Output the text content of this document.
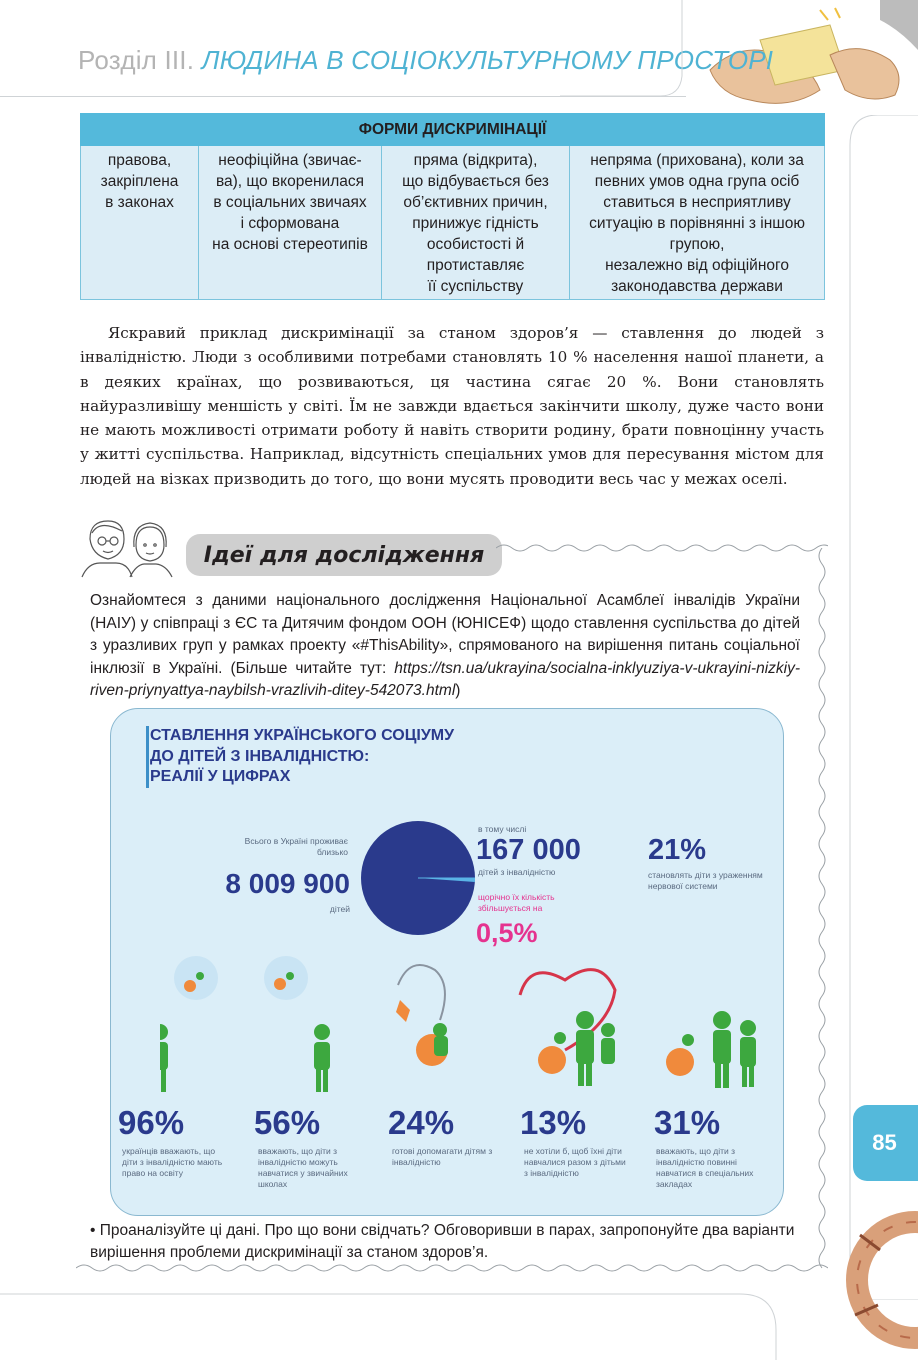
Розділ ІІІ. ЛЮДИНА В СОЦІОКУЛЬТУРНОМУ ПРОСТОРІ
85
ФОРМИ ДИСКРИМІНАЦІЇ
правова,
закріплена
в законах	неофіційна (звичає-
ва), що вкоренилася
в соціальних звичаях
і сформована
на основі стереотипів	пряма (відкрита),
що відбувається без
об’єктивних причин,
принижує гідність
особистості й
протиставляє
її суспільству	непряма (прихована), коли за
певних умов одна група осіб
ставиться в несприятливу
ситуацію в порівнянні з іншою
групою,
незалежно від офіційного
законодавства держави

Яскравий приклад дискримінації за станом здоров’я — ставлення до людей з інвалідністю. Люди з особливими потребами становлять 10 % населення нашої планети, а в деяких країнах, що розвиваються, ця частина сягає 20 %. Вони становлять найуразливішу меншість у світі. Їм не завжди вдається закінчити школу, дуже часто вони не мають можливості отримати роботу й навіть створити родину, брати повноцінну участь у житті суспільства. Наприклад, відсутність спеціальних умов для пересування містом для людей на візках призводить до того, що вони мусять проводити весь час у межах оселі.

Ідеї для дослідження

Ознайомтеся з даними національного дослідження Національної Асамблеї інвалідів України (НАІУ) у співпраці з ЄС та Дитячим фондом ООН (ЮНІСЕФ) щодо ставлення суспільства до дітей з уразливих груп у рамках проекту «#ThisAbility», спрямованого на вирішення питань соціальної інклюзії в Україні. (Більше читайте тут: https://tsn.ua/ukrayina/socialna-inklyuziya-v-ukrayini-nizkiy-riven-priynyattya-naybilsh-vrazlivih-ditey-542073.html)

СТАВЛЕННЯ УКРАЇНСЬКОГО СОЦІУМУ
ДО ДІТЕЙ З ІНВАЛІДНІСТЮ:
РЕАЛІЇ У ЦИФРАХ

Всього в Україні проживає близько
8 009 900
дітей
в тому числі
167 000
дітей з інвалідністю
щорічно їх кількість збільшується на
0,5%
21%
становлять діти з ураженням нервової системи
96%
українців вважають, що діти з інвалідністю мають право на освіту
56%
вважають, що діти з інвалідністю можуть навчатися у звичайних школах
24%
готові допомагати дітям з інвалідністю
13%
не хотіли б, щоб їхні діти навчалися разом з дітьми з інвалідністю
31%
вважають, що діти з інвалідністю повинні навчатися в спеціальних закладах

• Проаналізуйте ці дані. Про що вони свідчать? Обговоривши в парах, запропонуйте два варіанти вирішення проблеми дискримінації за станом здоров’я.
